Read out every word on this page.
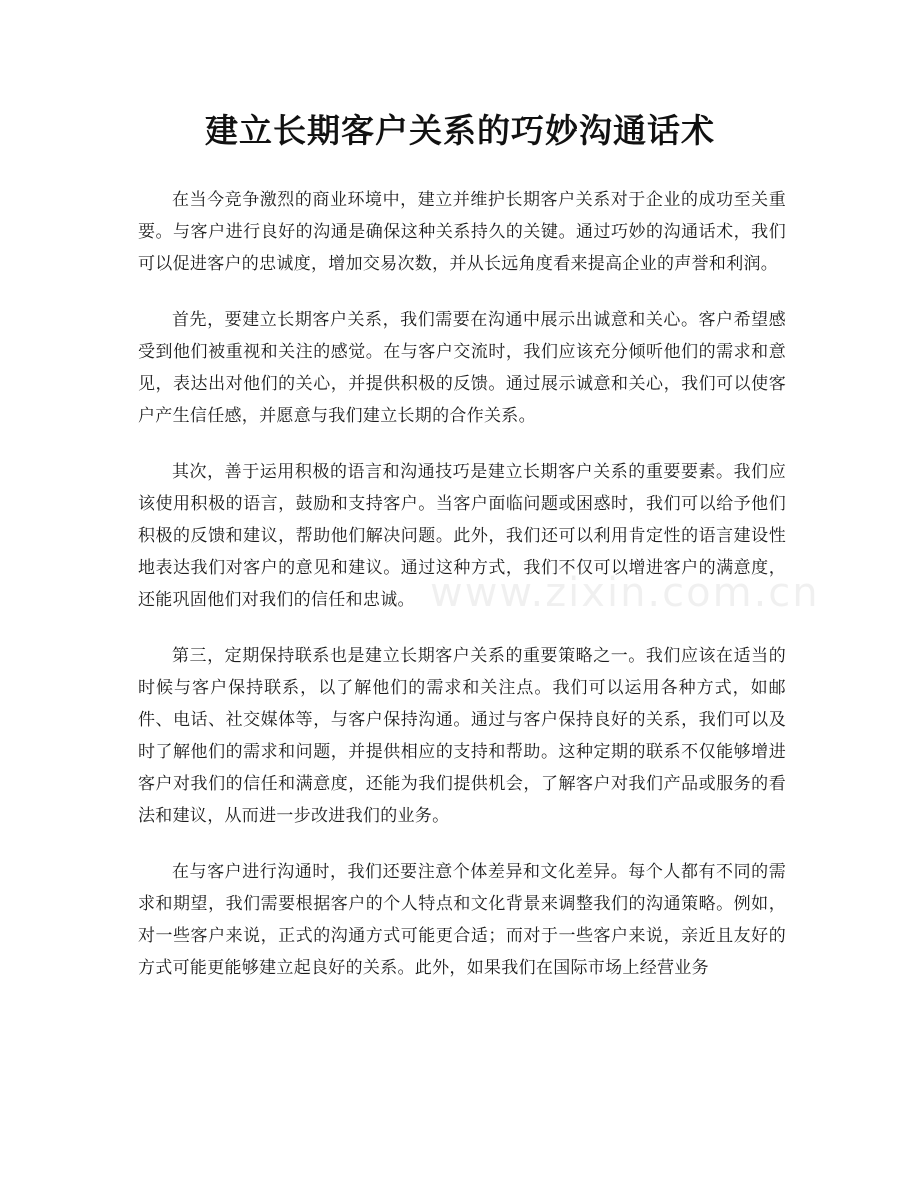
建立长期客户关系的巧妙沟通话术
www.zixin.com.cn

在当今竞争激烈的商业环境中，建立并维护长期客户关系对于企业的成功至关重要。与客户进行良好的沟通是确保这种关系持久的关键。通过巧妙的沟通话术，我们可以促进客户的忠诚度，增加交易次数，并从长远角度看来提高企业的声誉和利润。

首先，要建立长期客户关系，我们需要在沟通中展示出诚意和关心。客户希望感受到他们被重视和关注的感觉。在与客户交流时，我们应该充分倾听他们的需求和意见，表达出对他们的关心，并提供积极的反馈。通过展示诚意和关心，我们可以使客户产生信任感，并愿意与我们建立长期的合作关系。

其次，善于运用积极的语言和沟通技巧是建立长期客户关系的重要要素。我们应该使用积极的语言，鼓励和支持客户。当客户面临问题或困惑时，我们可以给予他们积极的反馈和建议，帮助他们解决问题。此外，我们还可以利用肯定性的语言建设性地表达我们对客户的意见和建议。通过这种方式，我们不仅可以增进客户的满意度，还能巩固他们对我们的信任和忠诚。

第三，定期保持联系也是建立长期客户关系的重要策略之一。我们应该在适当的时候与客户保持联系，以了解他们的需求和关注点。我们可以运用各种方式，如邮件、电话、社交媒体等，与客户保持沟通。通过与客户保持良好的关系，我们可以及时了解他们的需求和问题，并提供相应的支持和帮助。这种定期的联系不仅能够增进客户对我们的信任和满意度，还能为我们提供机会，了解客户对我们产品或服务的看法和建议，从而进一步改进我们的业务。

在与客户进行沟通时，我们还要注意个体差异和文化差异。每个人都有不同的需求和期望，我们需要根据客户的个人特点和文化背景来调整我们的沟通策略。例如，对一些客户来说，正式的沟通方式可能更合适；而对于一些客户来说，亲近且友好的方式可能更能够建立起良好的关系。此外，如果我们在国际市场上经营业务
